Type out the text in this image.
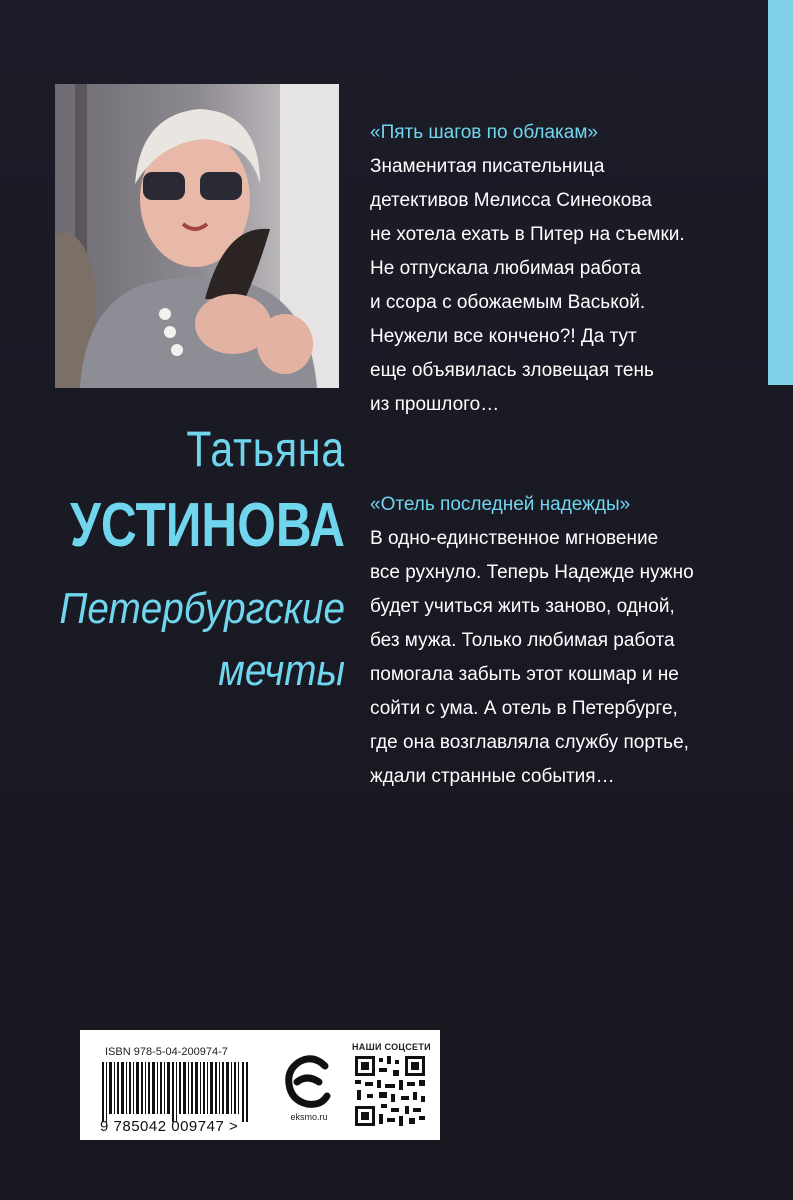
Татьяна
УСТИНОВА
Петербургские
мечты
«Пять шагов по облакам»
Знаменитая писательница
детективов Мелисса Синеокова
не хотела ехать в Питер на съемки.
Не отпускала любимая работа
и ссора с обожаемым Васькой.
Неужели все кончено?! Да тут
еще объявилась зловещая тень
из прошлого…
«Отель последней надежды»
В одно-единственное мгновение
все рухнуло. Теперь Надежде нужно
будет учиться жить заново, одной,
без мужа. Только любимая работа
помогала забыть этот кошмар и не
сойти с ума. А отель в Петербурге,
где она возглавляла службу портье,
ждали странные события…
ISBN 978-5-04-200974-7
9 785042 009747 >
eksmo.ru
НАШИ СОЦСЕТИ
